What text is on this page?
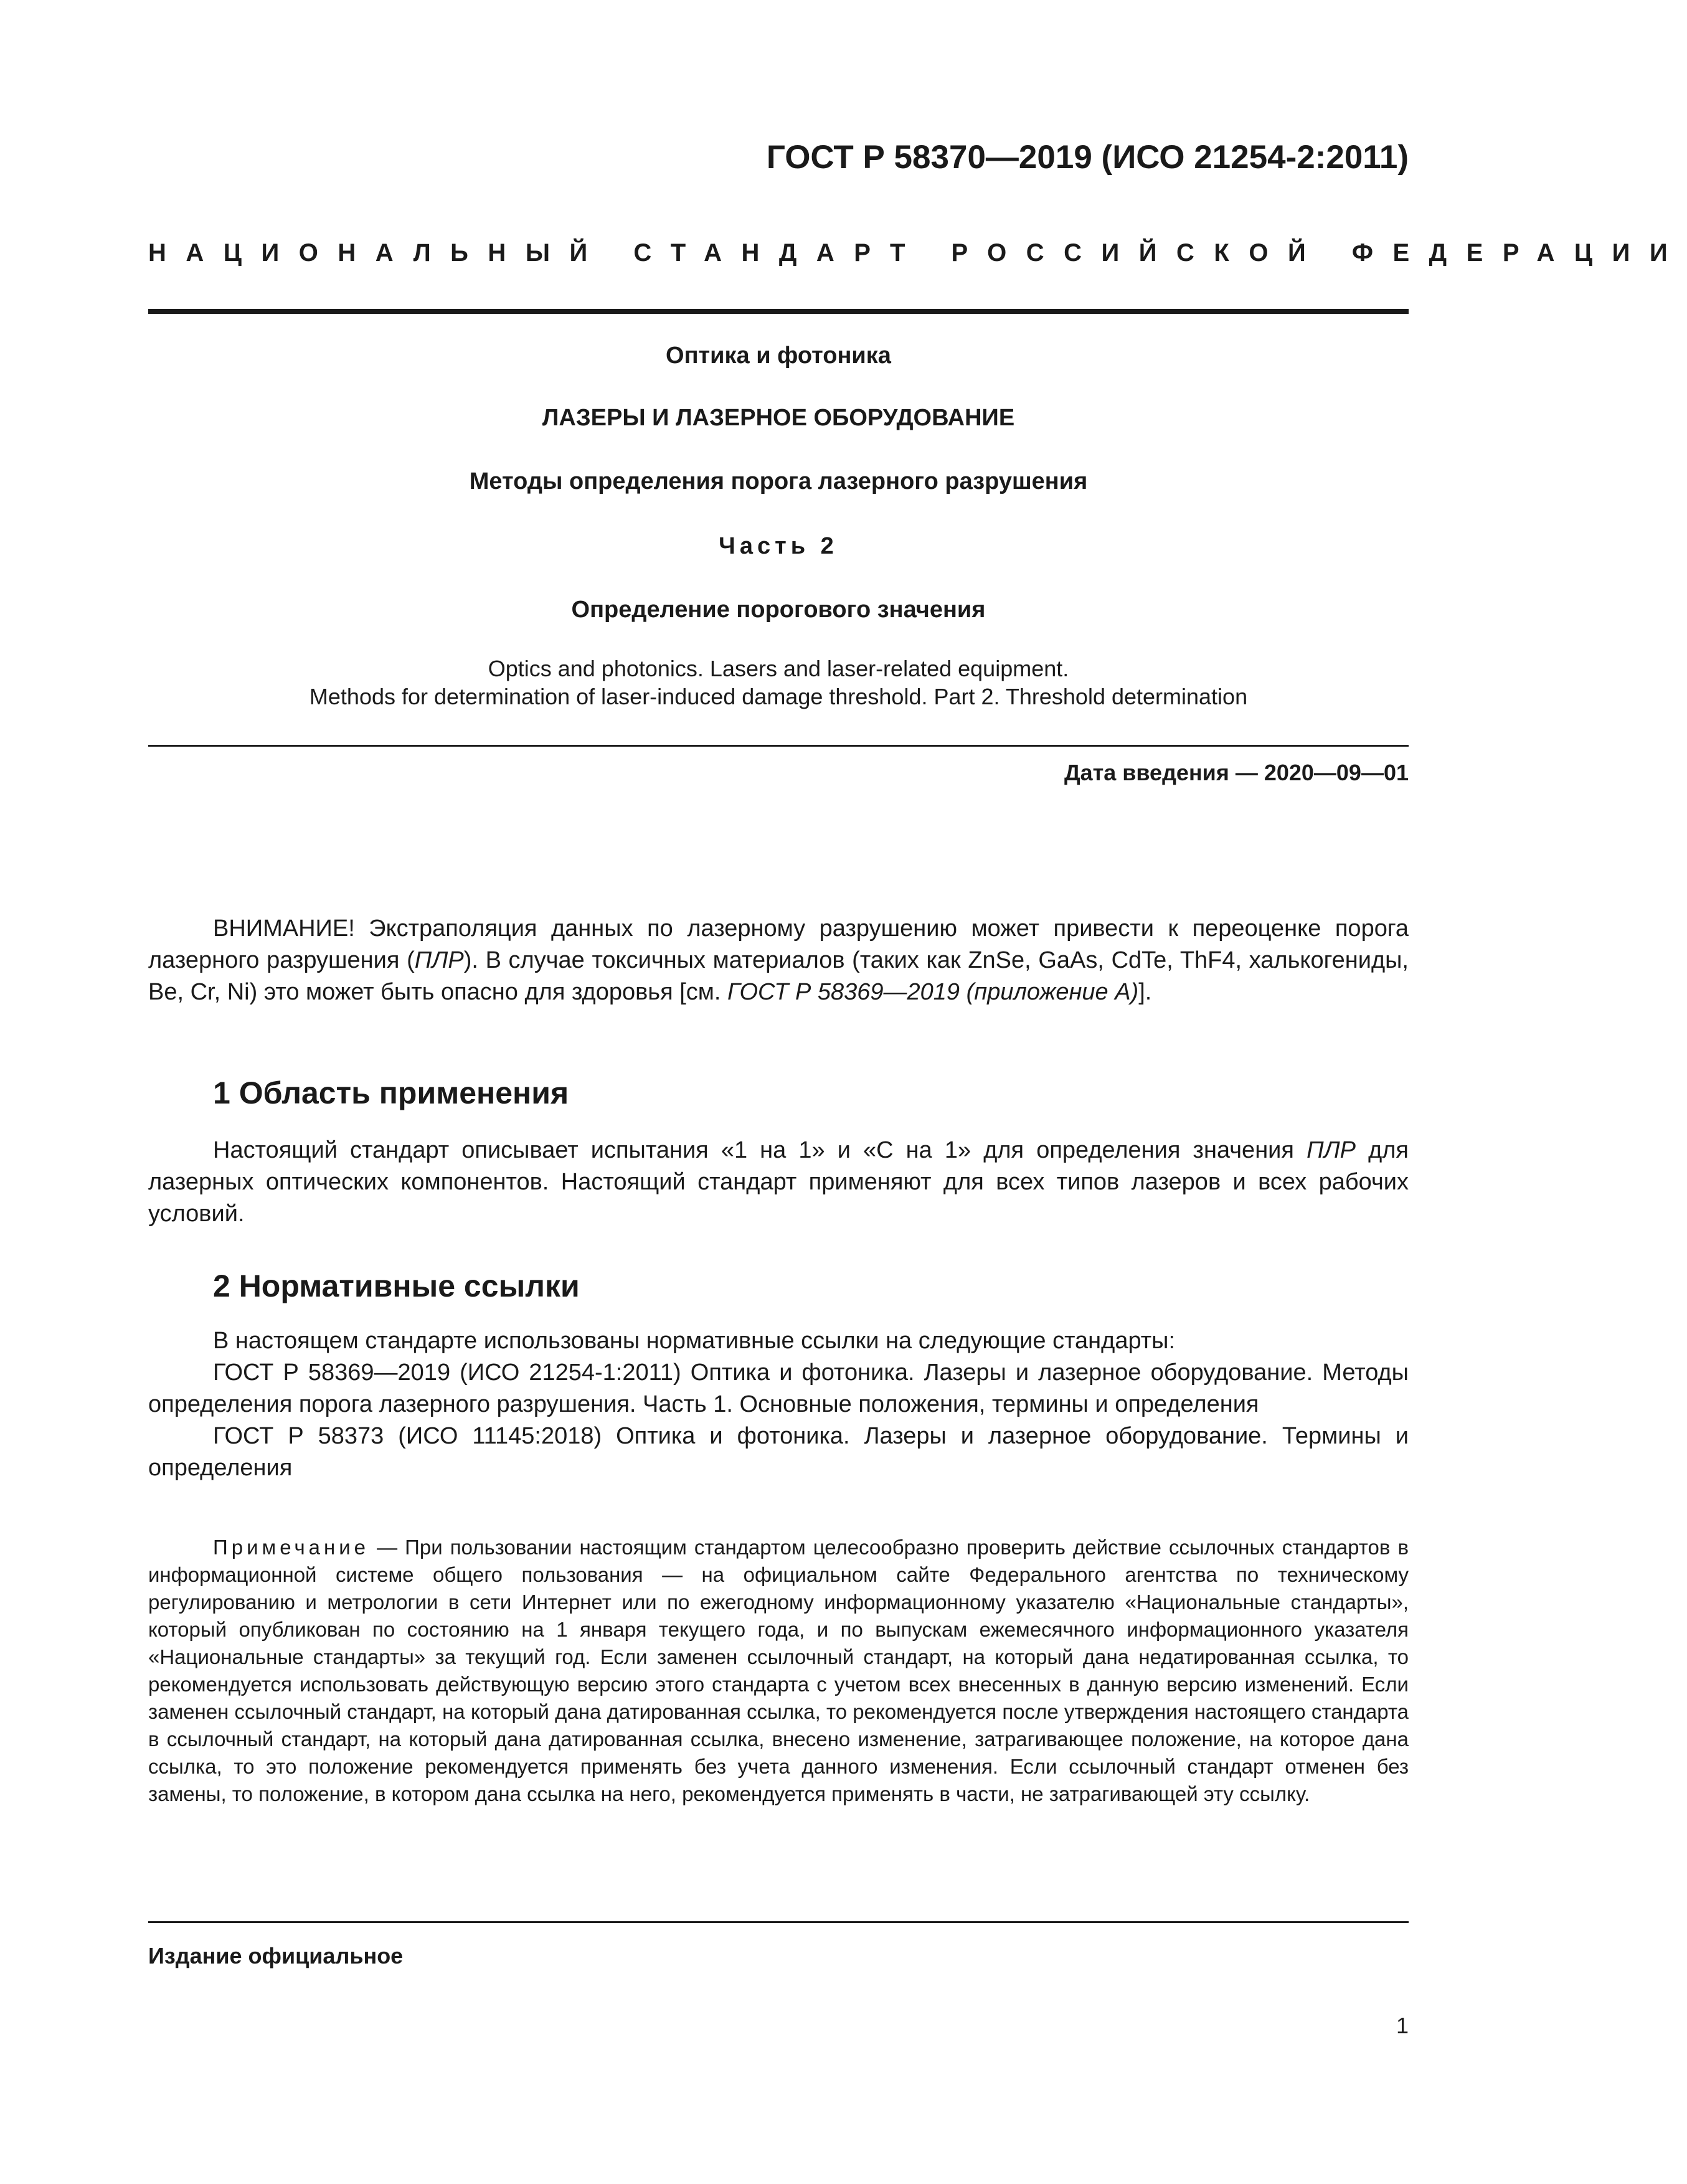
ГОСТ Р 58370—2019 (ИСО 21254-2:2011)
НАЦИОНАЛЬНЫЙ СТАНДАРТ РОССИЙСКОЙ ФЕДЕРАЦИИ
Оптика и фотоника
ЛАЗЕРЫ И ЛАЗЕРНОЕ ОБОРУДОВАНИЕ
Методы определения порога лазерного разрушения
Часть 2
Определение порогового значения
Optics and photonics. Lasers and laser-related equipment.
Methods for determination of laser-induced damage threshold. Part 2. Threshold determination
Дата введения — 2020—09—01

ВНИМАНИЕ! Экстраполяция данных по лазерному разрушению может привести к переоценке порога лазерного разрушения (ПЛР). В случае токсичных материалов (таких как ZnSe, GaAs, CdTe, ThF4, халькогениды, Be, Cr, Ni) это может быть опасно для здоровья [см. ГОСТ Р 58369—2019 (приложение А)].

1 Область применения

Настоящий стандарт описывает испытания «1 на 1» и «С на 1» для определения значения ПЛР для лазерных оптических компонентов. Настоящий стандарт применяют для всех типов лазеров и всех рабочих условий.

2 Нормативные ссылки
В настоящем стандарте использованы нормативные ссылки на следующие стандарты:
ГОСТ Р 58369—2019 (ИСО 21254-1:2011) Оптика и фотоника. Лазеры и лазерное оборудование. Методы определения порога лазерного разрушения. Часть 1. Основные положения, термины и определения
ГОСТ Р 58373 (ИСО 11145:2018) Оптика и фотоника. Лазеры и лазерное оборудование. Термины и определения

Примечание — При пользовании настоящим стандартом целесообразно проверить действие ссылочных стандартов в информационной системе общего пользования — на официальном сайте Федерального агентства по техническому регулированию и метрологии в сети Интернет или по ежегодному информационному указателю «Национальные стандарты», который опубликован по состоянию на 1 января текущего года, и по выпускам ежемесячного информационного указателя «Национальные стандарты» за текущий год. Если заменен ссылочный стандарт, на который дана недатированная ссылка, то рекомендуется использовать действующую версию этого стандарта с учетом всех внесенных в данную версию изменений. Если заменен ссылочный стандарт, на который дана датированная ссылка, то рекомендуется после утверждения настоящего стандарта в ссылочный стандарт, на который дана датированная ссылка, внесено изменение, затрагивающее положение, на которое дана ссылка, то это положение рекомендуется применять без учета данного изменения. Если ссылочный стандарт отменен без замены, то положение, в котором дана ссылка на него, рекомендуется применять в части, не затрагивающей эту ссылку.

Издание официальное
1
